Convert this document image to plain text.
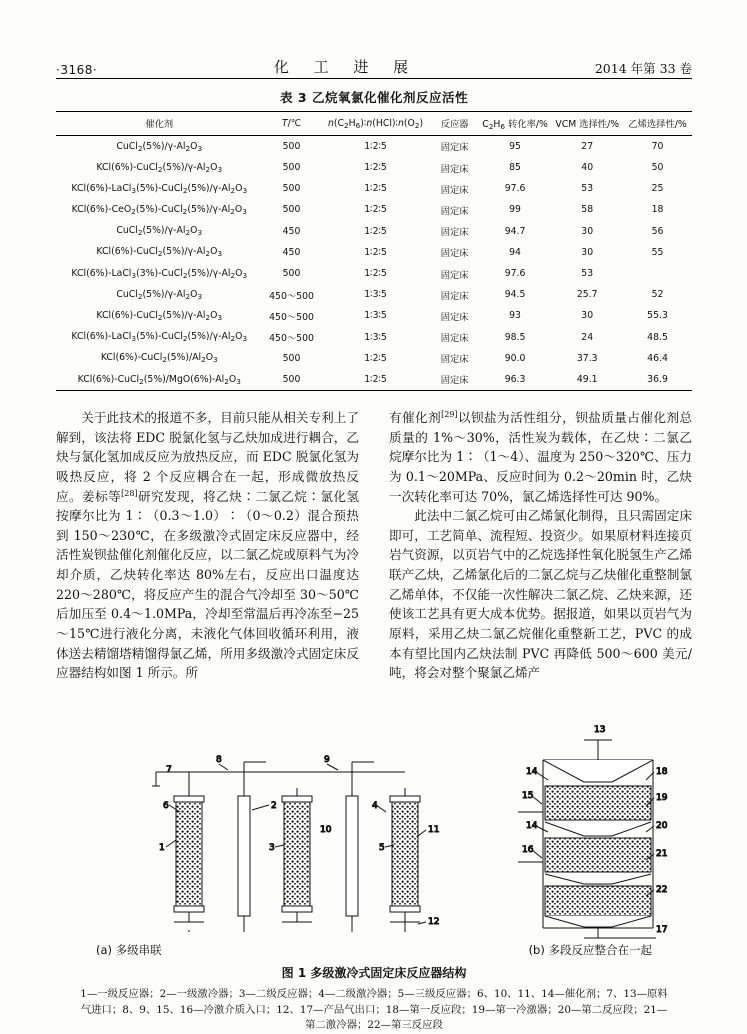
·3168·	化 工 进 展	2014 年第 33 卷
表 3 乙烷氧氯化催化剂反应活性
催化剂	T/℃	$n(C_2H_6)∶n(HCl)∶n(O_2)$	反应器	$C_2H_6$ 转化率/%	VCM 选择性/%	乙烯选择性/%
$CuCl_2(5\%)/\gamma-Al_2O_3$	500	1∶2∶5	固定床	95	27	70
$KCl(6\%)-CuCl_2(5\%)/\gamma-Al_2O_3$	500	1∶2∶5	固定床	85	40	50
$KCl(6\%)-LaCl_3(5\%)-CuCl_2(5\%)/\gamma-Al_2O_3$	500	1∶2∶5	固定床	97.6	53	25
$KCl(6\%)-CeO_2(5\%)-CuCl_2(5\%)/\gamma-Al_2O_3$	500	1∶2∶5	固定床	99	58	18
$CuCl_2(5\%)/\gamma-Al_2O_3$	450	1∶2∶5	固定床	94.7	30	56
$KCl(6\%)-CuCl_2(5\%)/\gamma-Al_2O_3$	450	1∶2∶5	固定床	94	30	55
$KCl(6\%)-LaCl_3(3\%)-CuCl_2(5\%)/\gamma-Al_2O_3$	500	1∶2∶5	固定床	97.6	53	
$CuCl_2(5\%)/\gamma-Al_2O_3$	450～500	1∶3∶5	固定床	94.5	25.7	52
$KCl(6\%)-CuCl_2(5\%)/\gamma-Al_2O_3$	450～500	1∶3∶5	固定床	93	30	55.3
$KCl(6\%)-LaCl_3(5\%)-CuCl_2(5\%)/\gamma-Al_2O_3$	450～500	1∶3∶5	固定床	98.5	24	48.5
$KCl(6\%)-CuCl_2(5\%)/Al_2O_3$	500	1∶2∶5	固定床	90.0	37.3	46.4
$KCl(6\%)-CuCl_2(5\%)/MgO(6\%)-Al_2O_3$	500	1∶2∶5	固定床	96.3	49.1	36.9

关于此技术的报道不多，目前只能从相关专利上了解到，该法将 EDC 脱氯化氢与乙炔加成进行耦合，乙炔与氯化氢加成反应为放热反应，而 EDC 脱氯化氢为吸热反应，将 2 个反应耦合在一起，形成微放热反应。姜标等[28]研究发现，将乙炔∶二氯乙烷∶氯化氢按摩尔比为 1∶（0.3～1.0）∶（0～0.2）混合预热到 150～230℃，在多级激冷式固定床反应器中，经活性炭钡盐催化剂催化反应，以二氯乙烷或原料气为冷却介质，乙炔转化率达 80%左右，反应出口温度达 220～280℃，将反应产生的混合气冷却至 30～50℃后加压至 0.4～1.0MPa，冷却至常温后再冷冻至−25～15℃进行液化分离，未液化气体回收循环利用，液体送去精馏塔精馏得氯乙烯，所用多级激冷式固定床反应器结构如图 1 所示。所

有催化剂[29]以钡盐为活性组分，钡盐质量占催化剂总质量的 1%～30%，活性炭为载体，在乙炔∶二氯乙烷摩尔比为 1∶（1～4）、温度为 250～320℃、压力为 0.1～20MPa、反应时间为 0.2～20min 时，乙炔一次转化率可达 70%，氯乙烯选择性可达 90%。

此法中二氯乙烷可由乙烯氯化制得，且只需固定床即可，工艺简单、流程短、投资少。如果原材料连接页岩气资源，以页岩气中的乙烷选择性氧化脱氢生产乙烯联产乙炔，乙烯氯化后的二氯乙烷与乙炔催化重整制氯乙烯单体，不仅能一次性解决二氯乙烷、乙炔来源，还使该工艺具有更大成本优势。据报道，如果以页岩气为原料，采用乙炔二氯乙烷催化重整新工艺，PVC 的成本有望比国内乙炔法制 PVC 再降低 500～600 美元/吨，将会对整个聚氯乙烯产

1
6
7
8
2
3
9
4
5
10	11
12
13
14	18
15	19
14	20
16	21
22
17
(a) 多级串联	(b) 多段反应整合在一起
图 1 多级激冷式固定床反应器结构
1—一级反应器；2—一级激冷器；3—二级反应器；4—二级激冷器；5—三级反应器；6、10、11、14—催化剂；7、13—原料气进口；8、9、15、16—冷激介质入口；12、17—产品气出口；18—第一反应段；19—第一冷激器；20—第二反应段；21—第二激冷器；22—第三反应段
